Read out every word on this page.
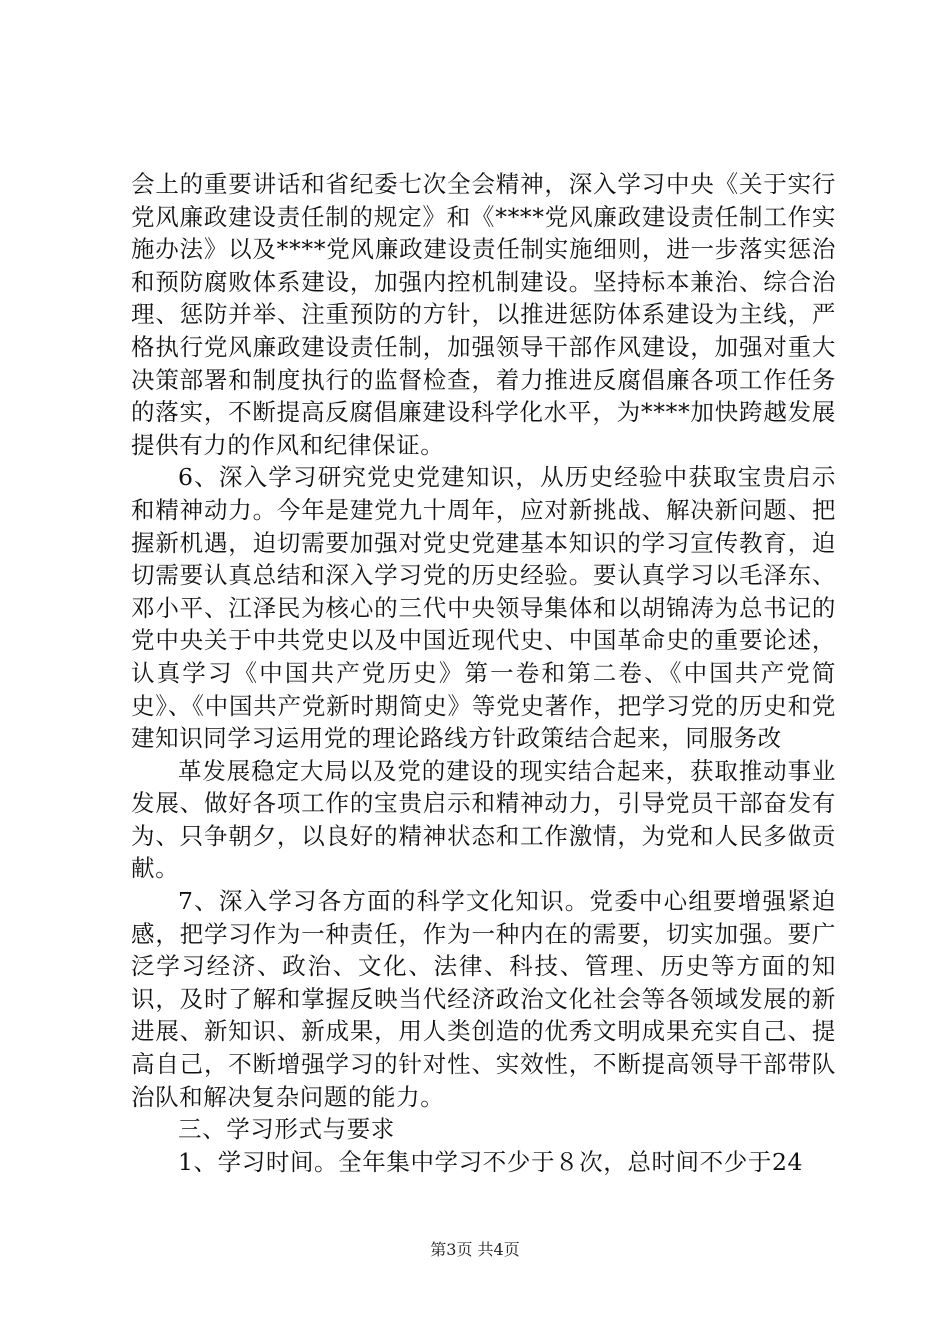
会上的重要讲话和省纪委七次全会精神，深入学习中央《关于实行党风廉政建设责任制的规定》和《****党风廉政建设责任制工作实施办法》以及****党风廉政建设责任制实施细则，进一步落实惩治和预防腐败体系建设，加强内控机制建设。坚持标本兼治、综合治理、惩防并举、注重预防的方针，以推进惩防体系建设为主线，严格执行党风廉政建设责任制，加强领导干部作风建设，加强对重大决策部署和制度执行的监督检查，着力推进反腐倡廉各项工作任务的落实，不断提高反腐倡廉建设科学化水平，为****加快跨越发展提供有力的作风和纪律保证。

6、深入学习研究党史党建知识，从历史经验中获取宝贵启示和精神动力。今年是建党九十周年，应对新挑战、解决新问题、把握新机遇，迫切需要加强对党史党建基本知识的学习宣传教育，迫切需要认真总结和深入学习党的历史经验。要认真学习以毛泽东、邓小平、江泽民为核心的三代中央领导集体和以胡锦涛为总书记的党中央关于中共党史以及中国近现代史、中国革命史的重要论述，认真学习《中国共产党历史》第一卷和第二卷、《中国共产党简史》、《中国共产党新时期简史》等党史著作，把学习党的历史和党建知识同学习运用党的理论路线方针政策结合起来，同服务改

革发展稳定大局以及党的建设的现实结合起来，获取推动事业发展、做好各项工作的宝贵启示和精神动力，引导党员干部奋发有为、只争朝夕，以良好的精神状态和工作激情，为党和人民多做贡献。

7、深入学习各方面的科学文化知识。党委中心组要增强紧迫感，把学习作为一种责任，作为一种内在的需要，切实加强。要广泛学习经济、政治、文化、法律、科技、管理、历史等方面的知识，及时了解和掌握反映当代经济政治文化社会等各领域发展的新进展、新知识、新成果，用人类创造的优秀文明成果充实自己、提高自己，不断增强学习的针对性、实效性，不断提高领导干部带队治队和解决复杂问题的能力。

三、学习形式与要求

1、学习时间。全年集中学习不少于８次，总时间不少于24

第3页 共4页
